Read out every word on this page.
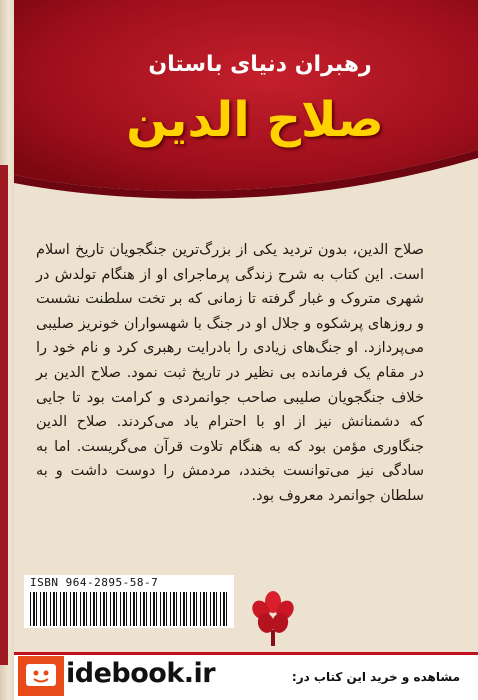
رهبران دنیای باستان
صلاح الدین
صلاح الدین، بدون تردید یکی از بزرگ‌ترین جنگجویان تاریخ اسلام است. این کتاب به شرح زندگی پرماجرای او از هنگام تولدش در شهری متروک و غبار گرفته تا زمانی که بر تخت سلطنت نشست و روزهای پرشکوه و جلال او در جنگ با شهسواران خونریز صلیبی می‌پردازد. او جنگ‌های زیادی را بادرایت رهبری کرد و نام خود را در مقام یک فرمانده بی نظیر در تاریخ ثبت نمود. صلاح الدین بر خلاف جنگجویان صلیبی صاحب جوانمردی و کرامت بود تا جایی که دشمنانش نیز از او با احترام یاد می‌کردند. صلاح الدین جنگاوری مؤمن بود که به هنگام تلاوت قرآن می‌گریست. اما به سادگی نیز می‌توانست بخندد، مردمش را دوست داشت و به سلطان جوانمرد معروف بود.
ISBN 964-2895-58-7
idebook.ir	مشاهده و خرید این کتاب در:
